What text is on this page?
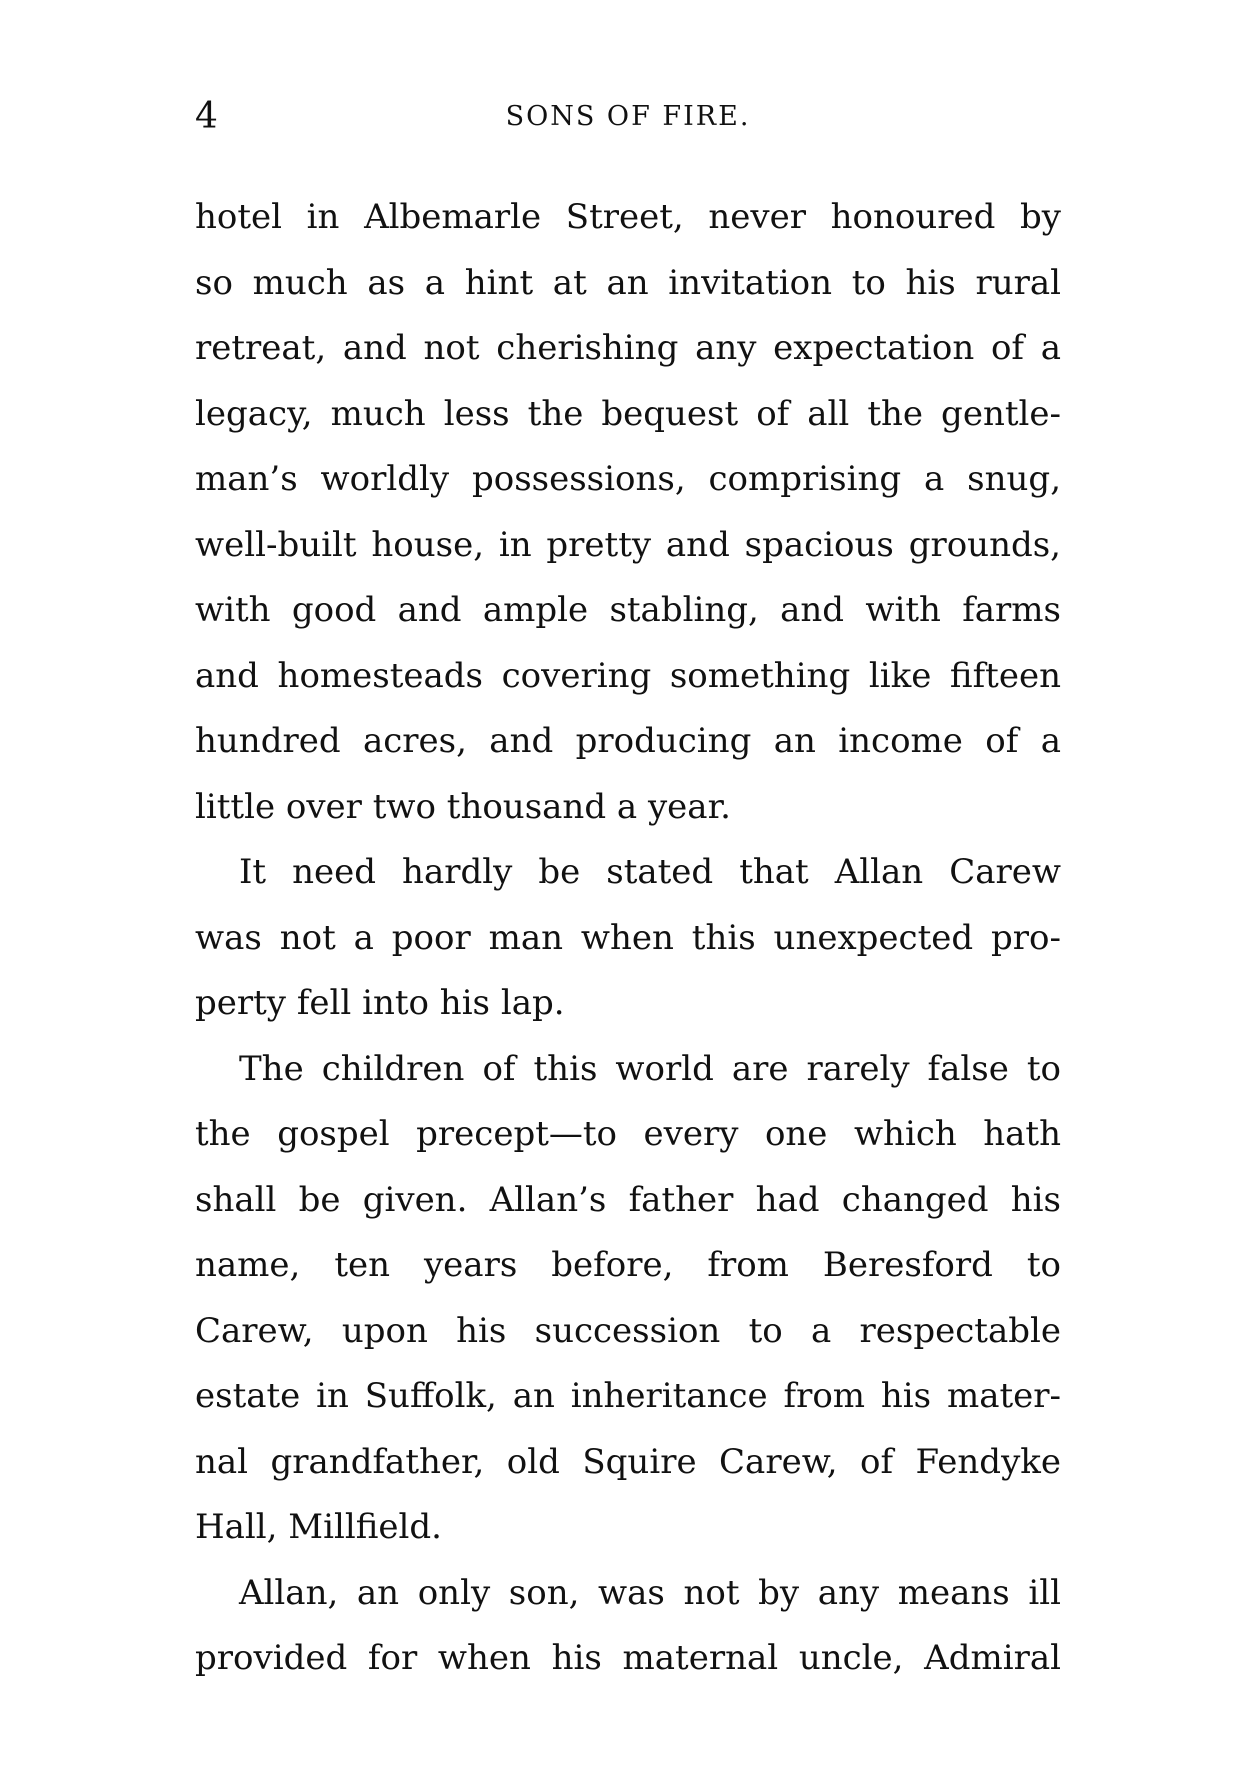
4	SONS OF FIRE.
hotel in Albemarle Street, never honoured by
so much as a hint at an invitation to his rural
retreat, and not cherishing any expectation of a
legacy, much less the bequest of all the gentle-
man’s worldly possessions, comprising a snug,
well-built house, in pretty and spacious grounds,
with good and ample stabling, and with farms
and homesteads covering something like fifteen
hundred acres, and producing an income of a
little over two thousand a year.
It need hardly be stated that Allan Carew
was not a poor man when this unexpected pro-
perty fell into his lap.
The children of this world are rarely false to
the gospel precept—to every one which hath
shall be given. Allan’s father had changed his
name, ten years before, from Beresford to
Carew, upon his succession to a respectable
estate in Suffolk, an inheritance from his mater-
nal grandfather, old Squire Carew, of Fendyke
Hall, Millfield.
Allan, an only son, was not by any means ill
provided for when his maternal uncle, Admiral
